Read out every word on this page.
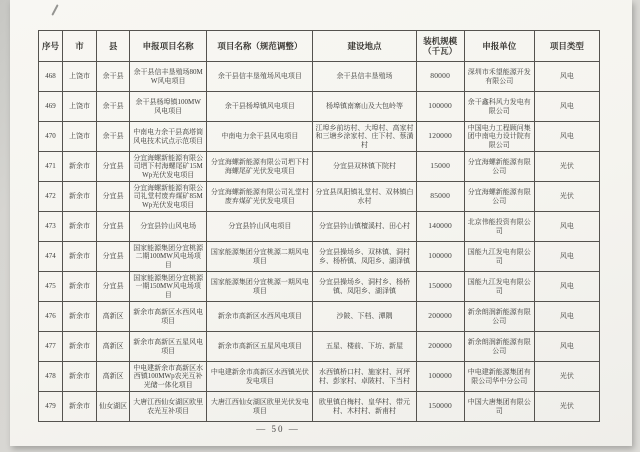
序号	市	县	申报项目名称	项目名称（规范调整）	建设地点	装机规模（千瓦）	申报单位	项目类型
468	上饶市	余干县	余干县信丰垦殖场80MW风电项目	余干县信丰垦殖场风电项目	余干县信丰垦殖场	80000	深圳市禾望能源开发有限公司	风电
469	上饶市	余干县	余干县杨埠镇100MW风电项目	余干县杨埠镇风电项目	杨埠镇南寨山及大包岭等	100000	余干鑫科风力发电有限公司	风电
470	上饶市	余干县	中南电力余干县高塔筒风电技术试点示范项目	中南电力余干县风电项目	江埠乡前坊村、大埠村、高家村和三塘乡涂家村、庄下村、蔡潢村	120000	中国电力工程顾问集团中南电力设计院有限公司	风电
471	新余市	分宜县	分宜海螺新能源有限公司垇下村海螺尾矿15MWp光伏发电项目	分宜海螺新能源有限公司垇下村海螺尾矿光伏发电项目	分宜县双林镇下院村	15000	分宜海螺新能源有限公司	光伏
472	新余市	分宜县	分宜海螺新能源有限公司礼堂村废弃煤矿85MWp光伏发电项目	分宜海螺新能源有限公司礼堂村废弃煤矿光伏发电项目	分宜县凤阳镇礼堂村、双林镇白水村	85000	分宜海螺新能源有限公司	光伏
473	新余市	分宜县	分宜县钤山风电场	分宜县钤山风电项目	分宜县钤山镇檀溪村、田心村	140000	北京伟能投资有限公司	风电
474	新余市	分宜县	国家能源集团分宜桃源二期100MW风电场项目	国家能源集团分宜桃源二期风电项目	分宜县操场乡、双林镇、洞村乡、杨桥镇、凤阳乡、湖泽镇	100000	国能九江发电有限公司	风电
475	新余市	分宜县	国家能源集团分宜桃源一期150MW风电场项目	国家能源集团分宜桃源一期风电项目	分宜县操场乡、洞村乡、杨桥镇、凤阳乡、湖泽镇	150000	国能九江发电有限公司	风电
476	新余市	高新区	新余市高新区水西风电项目	新余市高新区水西风电项目	沙陂、下档、潭隅	200000	新余朗润新能源有限公司	风电
477	新余市	高新区	新余市高新区五星风电项目	新余市高新区五星风电项目	五星、楼前、下坊、新屋	200000	新余朗润新能源有限公司	风电
478	新余市	高新区	中电建新余市高新区水西镇100MWp农光互补光储一体化项目	中电建新余市高新区水西镇光伏发电项目	水西镇桥口村、施家村、河坪村、彭家村、卓陂村、下当村	100000	中电建新能源集团有限公司华中分公司	光伏
479	新余市	仙女湖区	大唐江西仙女湖区欧里农光互补项目	大唐江西仙女湖区欧里光伏发电项目	欧里镇白梅村、皇华村、带元村、木村村、新甫村	150000	中国大唐集团有限公司	光伏
— 50 —
